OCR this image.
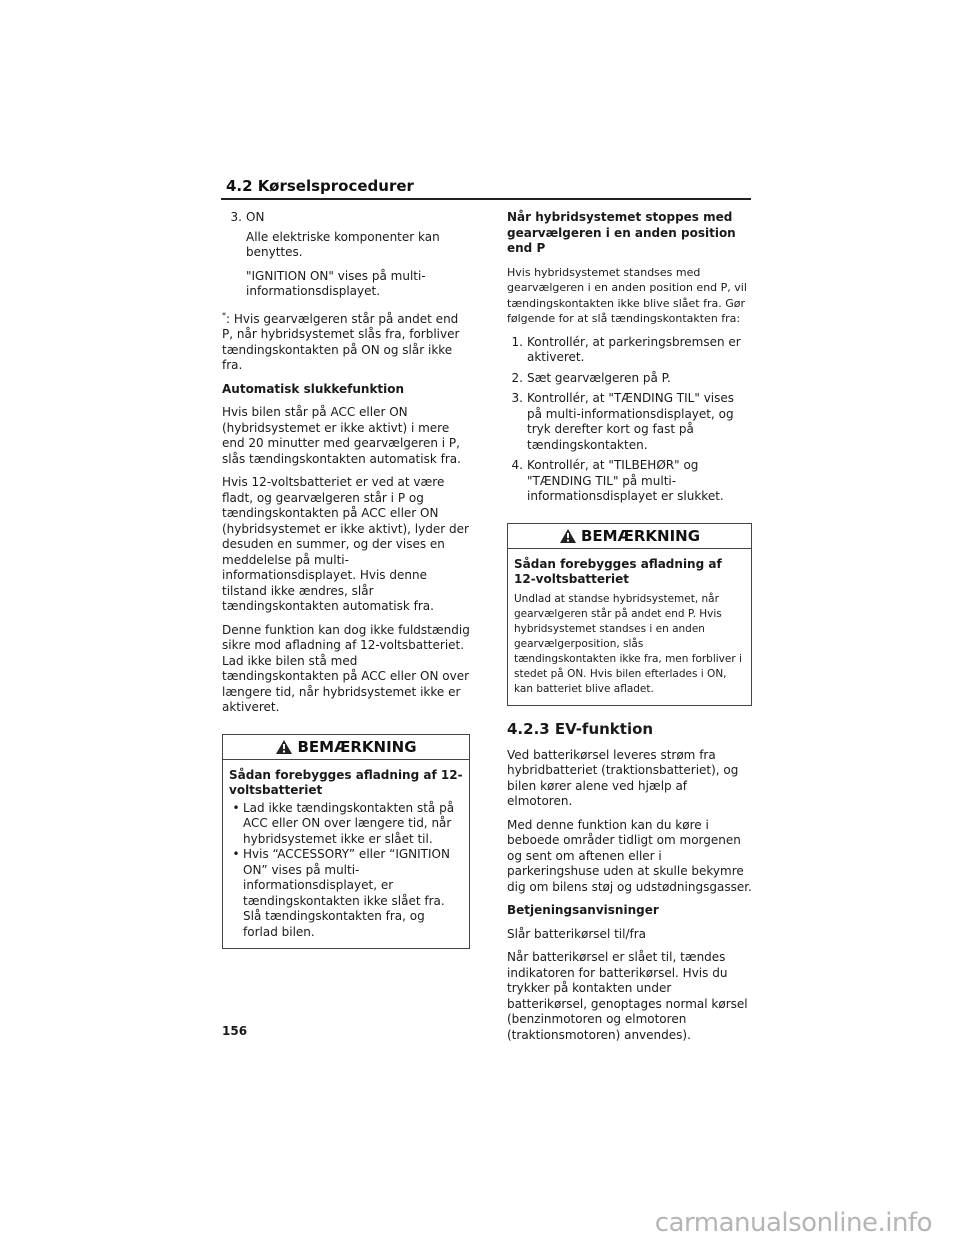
4.2 Kørselsprocedurer
3. ON

Alle elektriske komponenter kan benyttes.

"IGNITION ON" vises på multi-informationsdisplayet.

*: Hvis gearvælgeren står på andet end P, når hybridsystemet slås fra, forbliver tændingskontakten på ON og slår ikke fra.

Automatisk slukkefunktion

Hvis bilen står på ACC eller ON (hybridsystemet er ikke aktivt) i mere end 20 minutter med gearvælgeren i P, slås tændingskontakten automatisk fra.

Hvis 12-voltsbatteriet er ved at være fladt, og gearvælgeren står i P og tændingskontakten på ACC eller ON (hybridsystemet er ikke aktivt), lyder der desuden en summer, og der vises en meddelelse på multi-informationsdisplayet. Hvis denne tilstand ikke ændres, slår tændingskontakten automatisk fra.

Denne funktion kan dog ikke fuldstændig sikre mod afladning af 12-voltsbatteriet. Lad ikke bilen stå med tændingskontakten på ACC eller ON over længere tid, når hybridsystemet ikke er aktiveret.

BEMÆRKNING

Sådan forebygges afladning af 12-voltsbatteriet

• Lad ikke tændingskontakten stå på ACC eller ON over længere tid, når hybridsystemet ikke er slået til.
• Hvis “ACCESSORY” eller “IGNITION ON” vises på multi-informationsdisplayet, er tændingskontakten ikke slået fra. Slå tændingskontakten fra, og forlad bilen.

Når hybridsystemet stoppes med gearvælgeren i en anden position end P

Hvis hybridsystemet standses med gearvælgeren i en anden position end P, vil tændingskontakten ikke blive slået fra. Gør følgende for at slå tændingskontakten fra:

1. Kontrollér, at parkeringsbremsen er aktiveret.
2. Sæt gearvælgeren på P.
3. Kontrollér, at "TÆNDING TIL" vises på multi-informationsdisplayet, og tryk derefter kort og fast på tændingskontakten.
4. Kontrollér, at "TILBEHØR" og "TÆNDING TIL" på multi-informationsdisplayet er slukket.
BEMÆRKNING

Sådan forebygges afladning af 12-voltsbatteriet

Undlad at standse hybridsystemet, når gearvælgeren står på andet end P. Hvis hybridsystemet standses i en anden gearvælgerposition, slås tændingskontakten ikke fra, men forbliver i stedet på ON. Hvis bilen efterlades i ON, kan batteriet blive afladet.
4.2.3 EV-funktion

Ved batterikørsel leveres strøm fra hybridbatteriet (traktionsbatteriet), og bilen kører alene ved hjælp af elmotoren.

Med denne funktion kan du køre i beboede områder tidligt om morgenen og sent om aftenen eller i parkeringshuse uden at skulle bekymre dig om bilens støj og udstødningsgasser.

Betjeningsanvisninger

Slår batterikørsel til/fra

Når batterikørsel er slået til, tændes indikatoren for batterikørsel. Hvis du trykker på kontakten under batterikørsel, genoptages normal kørsel (benzinmotoren og elmotoren (traktionsmotoren) anvendes).

156
carmanualsonline.info
